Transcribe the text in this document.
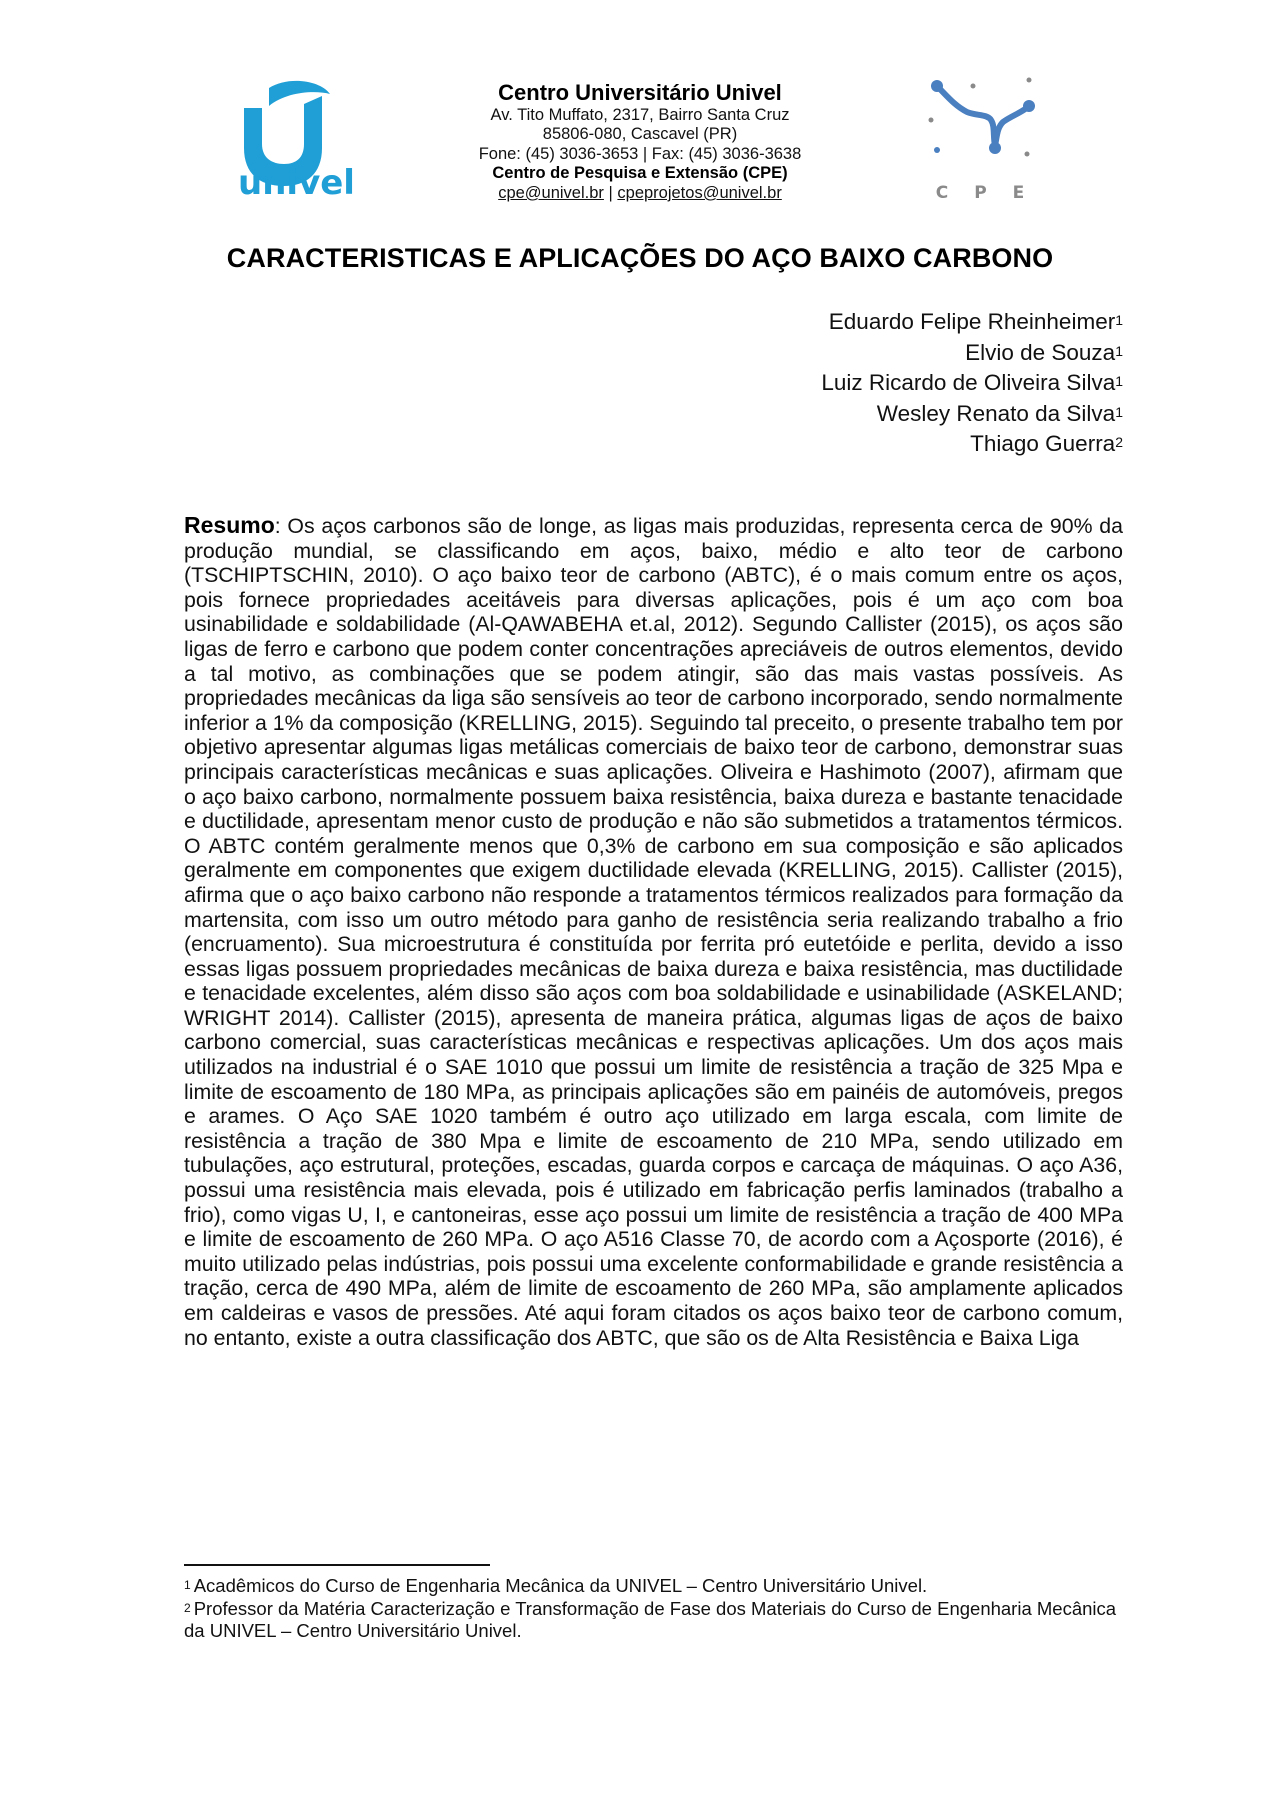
univel
Centro Universitário Univel
Av. Tito Muffato, 2317, Bairro Santa Cruz
85806-080, Cascavel (PR)
Fone: (45) 3036-3653 | Fax: (45) 3036-3638
Centro de Pesquisa e Extensão (CPE)
cpe@univel.br | cpeprojetos@univel.br	C P E
CARACTERISTICAS E APLICAÇÕES DO AÇO BAIXO CARBONO
Eduardo Felipe Rheinheimer$^1$
Elvio de Souza$^1$
Luiz Ricardo de Oliveira Silva$^1$
Wesley Renato da Silva$^1$
Thiago Guerra$^2$
Resumo: Os aços carbonos são de longe, as ligas mais produzidas, representa cerca de 90% da produção mundial, se classificando em aços, baixo, médio e alto teor de carbono (TSCHIPTSCHIN, 2010). O aço baixo teor de carbono (ABTC), é o mais comum entre os aços, pois fornece propriedades aceitáveis para diversas aplicações, pois é um aço com boa usinabilidade e soldabilidade (Al-QAWABEHA et.al, 2012). Segundo Callister (2015), os aços são ligas de ferro e carbono que podem conter concentrações apreciáveis de outros elementos, devido a tal motivo, as combinações que se podem atingir, são das mais vastas possíveis. As propriedades mecânicas da liga são sensíveis ao teor de carbono incorporado, sendo normalmente inferior a 1% da composição (KRELLING, 2015). Seguindo tal preceito, o presente trabalho tem por objetivo apresentar algumas ligas metálicas comerciais de baixo teor de carbono, demonstrar suas principais características mecânicas e suas aplicações. Oliveira e Hashimoto (2007), afirmam que o aço baixo carbono, normalmente possuem baixa resistência, baixa dureza e bastante tenacidade e ductilidade, apresentam menor custo de produção e não são submetidos a tratamentos térmicos. O ABTC contém geralmente menos que 0,3% de carbono em sua composição e são aplicados geralmente em componentes que exigem ductilidade elevada (KRELLING, 2015). Callister (2015), afirma que o aço baixo carbono não responde a tratamentos térmicos realizados para formação da martensita, com isso um outro método para ganho de resistência seria realizando trabalho a frio (encruamento). Sua microestrutura é constituída por ferrita pró eutetóide e perlita, devido a isso essas ligas possuem propriedades mecânicas de baixa dureza e baixa resistência, mas ductilidade e tenacidade excelentes, além disso são aços com boa soldabilidade e usinabilidade (ASKELAND; WRIGHT 2014). Callister (2015), apresenta de maneira prática, algumas ligas de aços de baixo carbono comercial, suas características mecânicas e respectivas aplicações. Um dos aços mais utilizados na industrial é o SAE 1010 que possui um limite de resistência a tração de 325 Mpa e limite de escoamento de 180 MPa, as principais aplicações são em painéis de automóveis, pregos e arames. O Aço SAE 1020 também é outro aço utilizado em larga escala, com limite de resistência a tração de 380 Mpa e limite de escoamento de 210 MPa, sendo utilizado em tubulações, aço estrutural, proteções, escadas, guarda corpos e carcaça de máquinas. O aço A36, possui uma resistência mais elevada, pois é utilizado em fabricação perfis laminados (trabalho a frio), como vigas U, I, e cantoneiras, esse aço possui um limite de resistência a tração de 400 MPa e limite de escoamento de 260 MPa. O aço A516 Classe 70, de acordo com a Açosporte (2016), é muito utilizado pelas indústrias, pois possui uma excelente conformabilidade e grande resistência a tração, cerca de 490 MPa, além de limite de escoamento de 260 MPa, são amplamente aplicados em caldeiras e vasos de pressões. Até aqui foram citados os aços baixo teor de carbono comum, no entanto, existe a outra classificação dos ABTC, que são os de Alta Resistência e Baixa Liga
$^1$ Acadêmicos do Curso de Engenharia Mecânica da UNIVEL – Centro Universitário Univel.
$^2$ Professor da Matéria Caracterização e Transformação de Fase dos Materiais do Curso de Engenharia Mecânica da UNIVEL – Centro Universitário Univel.
